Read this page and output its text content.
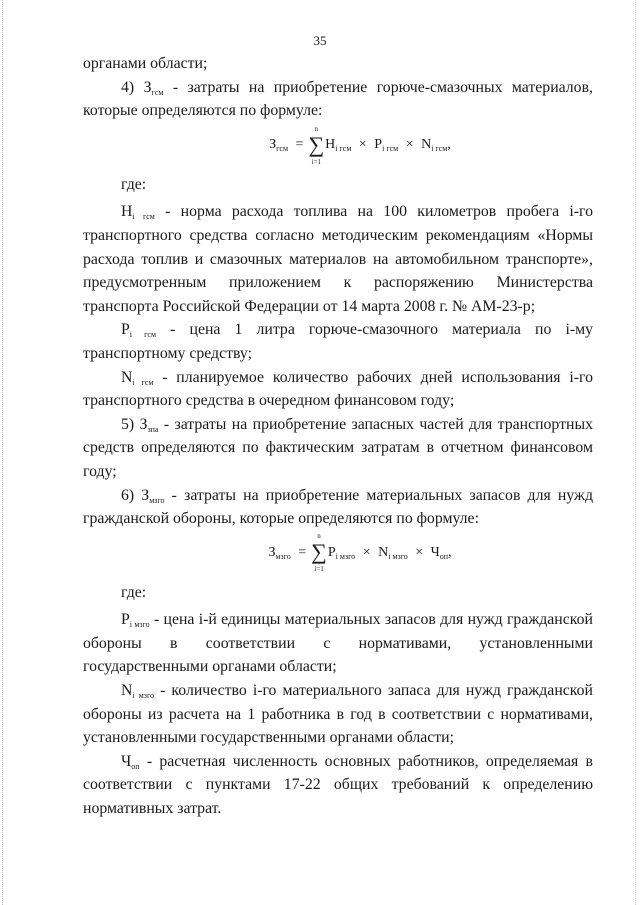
35

органами области;

4) $З_{гсм}$ - затраты на приобретение горюче-смазочных материалов, которые определяются по формуле:

$З_{гсм}$ =
n
∑
i=1
$Н_{i гсм} \times Р_{i гсм} \times N_{i гсм}$,

где:

$Н_{i гсм}$ - норма расхода топлива на 100 километров пробега i-го транспортного средства согласно методическим рекомендациям «Нормы расхода топлив и смазочных материалов на автомобильном транспорте», предусмотренным приложением к распоряжению Министерства транспорта Российской Федерации от 14 марта 2008 г. № АМ-23-р;

$Р_{i гсм}$ - цена 1 литра горюче-смазочного материала по i-му транспортному средству;

$N_{i гсм}$ - планируемое количество рабочих дней использования i-го транспортного средства в очередном финансовом году;

5) $З_{зпа}$ - затраты на приобретение запасных частей для транспортных средств определяются по фактическим затратам в отчетном финансовом году;

6) $З_{мзго}$ - затраты на приобретение материальных запасов для нужд гражданской обороны, которые определяются по формуле:

$З_{мзго}$ =
n
∑
i=1
$Р_{i мзго} \times N_{i мзго} \times Ч_{оп}$,

где:

$Р_{i мзго}$ - цена i-й единицы материальных запасов для нужд гражданской обороны в соответствии с нормативами, установленными государственными органами области;

$N_{i мзго}$ - количество i-го материального запаса для нужд гражданской обороны из расчета на 1 работника в год в соответствии с нормативами, установленными государственными органами области;

$Ч_{оп}$ - расчетная численность основных работников, определяемая в соответствии с пунктами 17-22 общих требований к определению нормативных затрат.
